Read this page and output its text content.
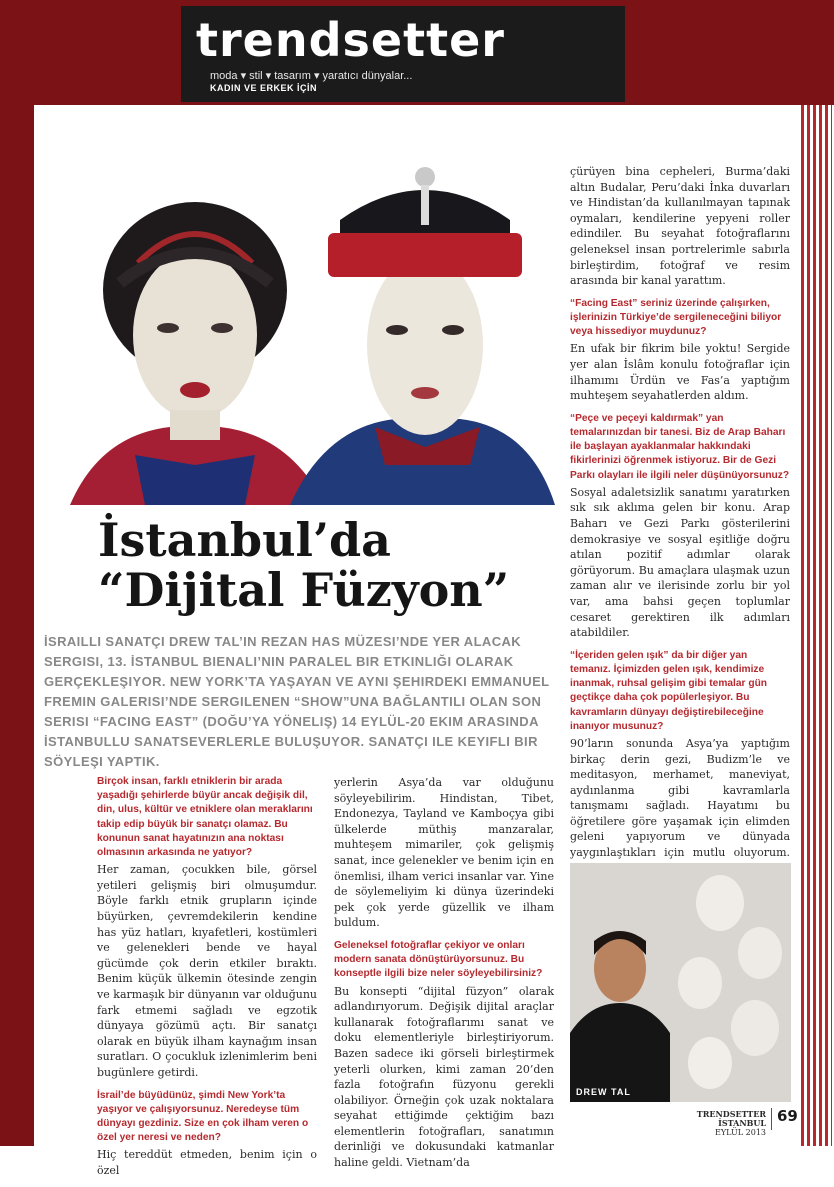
trendsetter
moda ▾ stil ▾ tasarım ▾ yaratıcı dünyalar...
KADIN VE ERKEK İÇİN
İstanbul’da
“Dijital Füzyon”

İSRAILLI SANATÇI DREW TAL’IN REZAN HAS MÜZESI’NDE YER ALACAK SERGISI, 13. İSTANBUL BIENALI’NIN PARALEL BIR ETKINLIĞI OLARAK GERÇEKLEŞIYOR. NEW YORK’TA YAŞAYAN VE AYNI ŞEHIRDEKI EMMANUEL FREMIN GALERISI’NDE SERGILENEN “SHOW”UNA BAĞLANTILI OLAN SON SERISI “FACING EAST” (DOĞU’YA YÖNELIŞ) 14 EYLÜL-20 EKIM ARASINDA İSTANBULLU SANATSEVERLERLE BULUŞUYOR. SANATÇI ILE KEYIFLI BIR SÖYLEŞI YAPTIK.

Birçok insan, farklı etniklerin bir arada yaşadığı şehirlerde büyür ancak değişik dil, din, ulus, kültür ve etniklere olan meraklarını takip edip büyük bir sanatçı olamaz. Bu konunun sanat hayatınızın ana noktası olmasının arkasında ne yatıyor?

Her zaman, çocukken bile, görsel yetileri gelişmiş biri olmuşumdur. Böyle farklı etnik grupların içinde büyürken, çevremdekilerin kendine has yüz hatları, kıyafetleri, kostümleri ve gelenekleri bende ve hayal gücümde çok derin etkiler bıraktı. Benim küçük ülkemin ötesinde zengin ve karmaşık bir dünyanın var olduğunu fark etmemi sağladı ve egzotik dünyaya gözümü açtı. Bir sanatçı olarak en büyük ilham kaynağım insan suratları. O çocukluk izlenimlerim beni bugünlere getirdi.

İsrail’de büyüdünüz, şimdi New York’ta yaşıyor ve çalışıyorsunuz. Neredeyse tüm dünyayı gezdiniz. Size en çok ilham veren o özel yer neresi ve neden?

Hiç tereddüt etmeden, benim için o özel

yerlerin Asya’da var olduğunu söyleyebilirim. Hindistan, Tibet, Endonezya, Tayland ve Kamboçya gibi ülkelerde müthiş manzaralar, muhteşem mimariler, çok gelişmiş sanat, ince gelenekler ve benim için en önemlisi, ilham verici insanlar var. Yine de söylemeliyim ki dünya üzerindeki pek çok yerde güzellik ve ilham buldum.

Geleneksel fotoğraflar çekiyor ve onları modern sanata dönüştürüyorsunuz. Bu konseptle ilgili bize neler söyleyebilirsiniz?

Bu konsepti “dijital füzyon” olarak adlandırıyorum. Değişik dijital araçlar kullanarak fotoğraflarımı sanat ve doku elementleriyle birleştiriyorum. Bazen sadece iki görseli birleştirmek yeterli olurken, kimi zaman 20’den fazla fotoğrafın füzyonu gerekli olabiliyor. Örneğin çok uzak noktalara seyahat ettiğimde çektiğim bazı elementlerin fotoğrafları, sanatımın derinliği ve dokusundaki katmanlar haline geldi. Vietnam’da

çürüyen bina cepheleri, Burma’daki altın Budalar, Peru’daki İnka duvarları ve Hindistan’da kullanılmayan tapınak oymaları, kendilerine yepyeni roller edindiler. Bu seyahat fotoğraflarını geleneksel insan portrelerimle sabırla birleştirdim, fotoğraf ve resim arasında bir kanal yarattım.

“Facing East” seriniz üzerinde çalışırken, işlerinizin Türkiye’de sergileneceğini biliyor veya hissediyor muydunuz?

En ufak bir fikrim bile yoktu! Sergide yer alan İslâm konulu fotoğraflar için ilhamımı Ürdün ve Fas’a yaptığım muhteşem seyahatlerden aldım.

“Peçe ve peçeyi kaldırmak” yan temalarınızdan bir tanesi. Biz de Arap Baharı ile başlayan ayaklanmalar hakkındaki fikirlerinizi öğrenmek istiyoruz. Bir de Gezi Parkı olayları ile ilgili neler düşünüyorsunuz?

Sosyal adaletsizlik sanatımı yaratırken sık sık aklıma gelen bir konu. Arap Baharı ve Gezi Parkı gösterilerini demokrasiye ve sosyal eşitliğe doğru atılan pozitif adımlar olarak görüyorum. Bu amaçlara ulaşmak uzun zaman alır ve ilerisinde zorlu bir yol var, ama bahsi geçen toplumlar cesaret gerektiren ilk adımları atabildiler.

“İçeriden gelen ışık” da bir diğer yan temanız. İçimizden gelen ışık, kendimize inanmak, ruhsal gelişim gibi temalar gün geçtikçe daha çok popülerleşiyor. Bu kavramların dünyayı değiştirebileceğine inanıyor musunuz?

90’ların sonunda Asya’ya yaptığım birkaç derin gezi, Budizm’le ve meditasyon, merhamet, maneviyat, aydınlanma gibi kavramlarla tanışmamı sağladı. Hayatımı bu öğretilere göre yaşamak için elimden geleni yapıyorum ve dünyada yaygınlaştıkları için mutlu oluyorum.

DREW TAL
TRENDSETTER İSTANBUL
EYLÜL 2013
69
